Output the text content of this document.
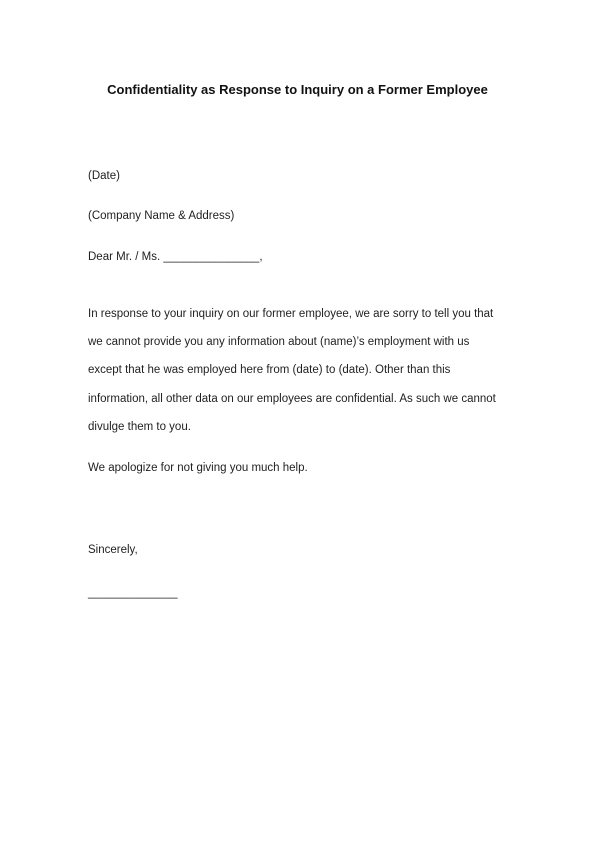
Confidentiality as Response to Inquiry on a Former Employee
(Date)
(Company Name & Address)
Dear Mr. / Ms. _______________,
In response to your inquiry on our former employee, we are sorry to tell you that
we cannot provide you any information about (name)’s employment with us
except that he was employed here from (date) to (date). Other than this
information, all other data on our employees are confidential. As such we cannot
divulge them to you.
We apologize for not giving you much help.
Sincerely,
______________
